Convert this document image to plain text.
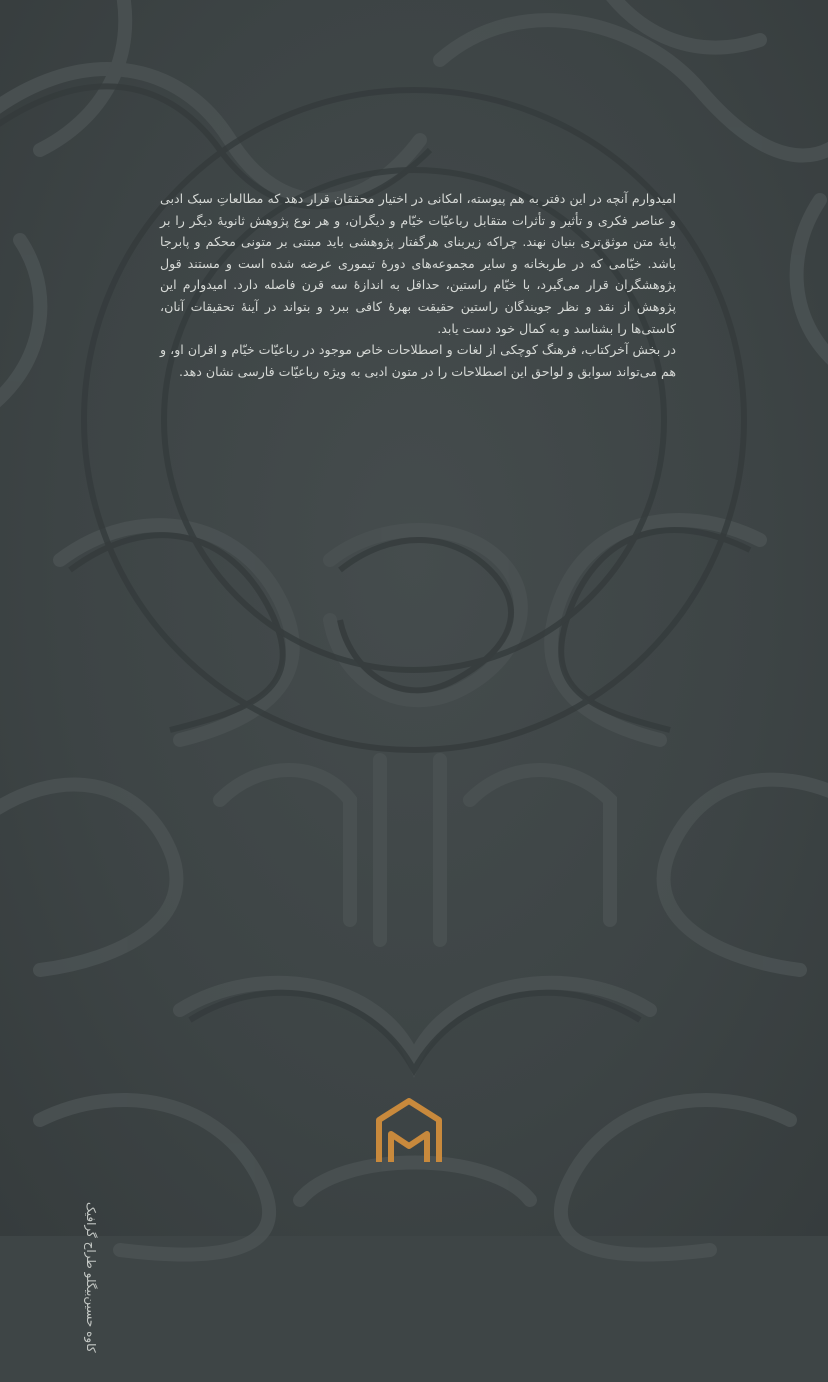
امیدوارم آنچه در این دفتر به هم پیوسته، امکانی در اختیار محققان قرار دهد که مطالعاتِ سبک ادبی و عناصر فکری و تأثیر و تأثرات متقابل رباعیّات خیّام و دیگران، و هر نوع پژوهش ثانویهٔ دیگر را بر پایهٔ متن موثق‌تری بنیان نهند. چراکه زیربنای هرگفتار پژوهشی باید مبتنی بر متونی محکم و پابرجا باشد. خیّامی که در طربخانه و سایر مجموعه‌های دورهٔ تیموری عرضه شده است و مستند قول پژوهشگران قرار می‌گیرد، با خیّام راستین، حداقل به اندازهٔ سه قرن فاصله دارد. امیدوارم این پژوهش از نقد و نظر جویندگان راستین حقیقت بهرهٔ کافی ببرد و بتواند در آینهٔ تحقیقات آنان، کاستی‌ها را بشناسد و به کمال خود دست یابد.

در بخش آخرکتاب، فرهنگ کوچکی از لغات و اصطلاحات خاص موجود در رباعیّات خیّام و اقران او، و هم می‌تواند سوابق و لواحق این اصطلاحات را در متون ادبی به ویژه رباعیّات فارسی نشان دهد.

کاوه حسین‌بیگلو طراح گرافیک
